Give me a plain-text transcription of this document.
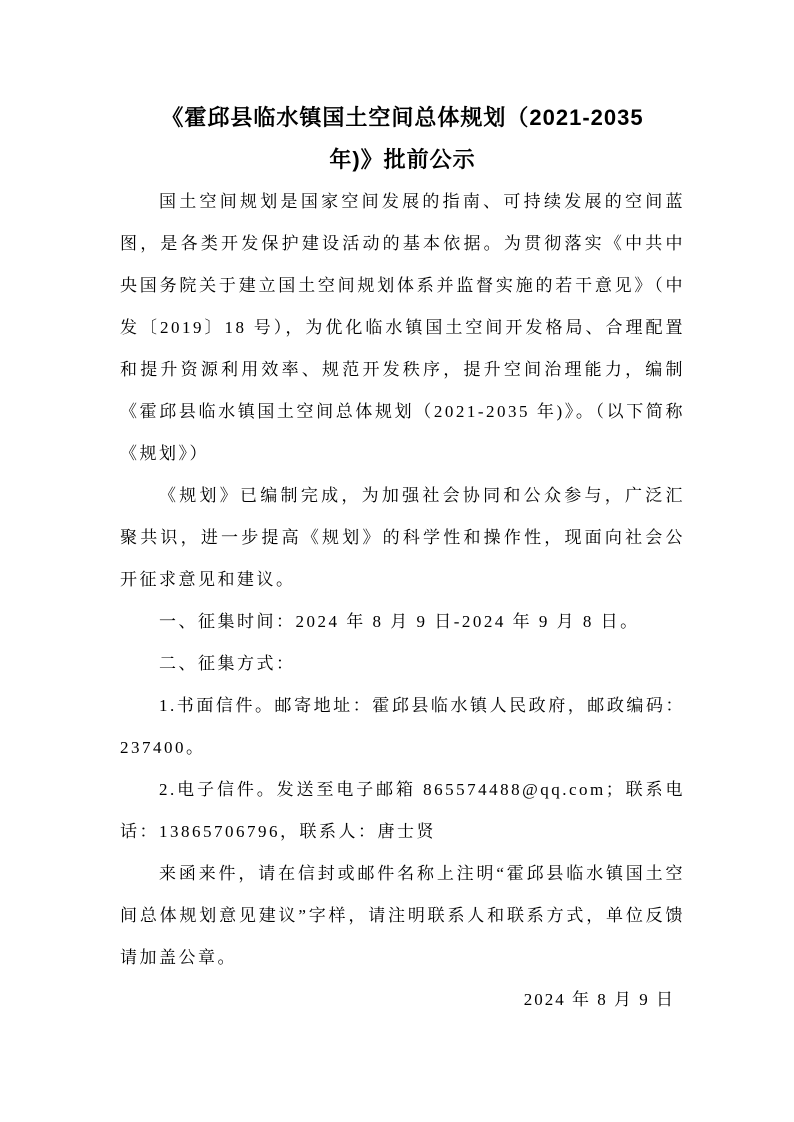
《霍邱县临水镇国土空间总体规划（2021-2035
年)》批前公示

国土空间规划是国家空间发展的指南、可持续发展的空间蓝图，是各类开发保护建设活动的基本依据。为贯彻落实《中共中央国务院关于建立国土空间规划体系并监督实施的若干意见》（中发〔2019〕18 号），为优化临水镇国土空间开发格局、合理配置和提升资源利用效率、规范开发秩序，提升空间治理能力，编制《霍邱县临水镇国土空间总体规划（2021-2035 年)》。（以下简称《规划》）

《规划》已编制完成，为加强社会协同和公众参与，广泛汇聚共识，进一步提高《规划》的科学性和操作性，现面向社会公开征求意见和建议。

一、征集时间：2024 年 8 月 9 日-2024 年 9 月 8 日。

二、征集方式：

1.书面信件。邮寄地址：霍邱县临水镇人民政府，邮政编码：237400。

2.电子信件。发送至电子邮箱 865574488@qq.com；联系电话：13865706796，联系人：唐士贤

来函来件，请在信封或邮件名称上注明“霍邱县临水镇国土空间总体规划意见建议”字样，请注明联系人和联系方式，单位反馈请加盖公章。

2024 年 8 月 9 日
